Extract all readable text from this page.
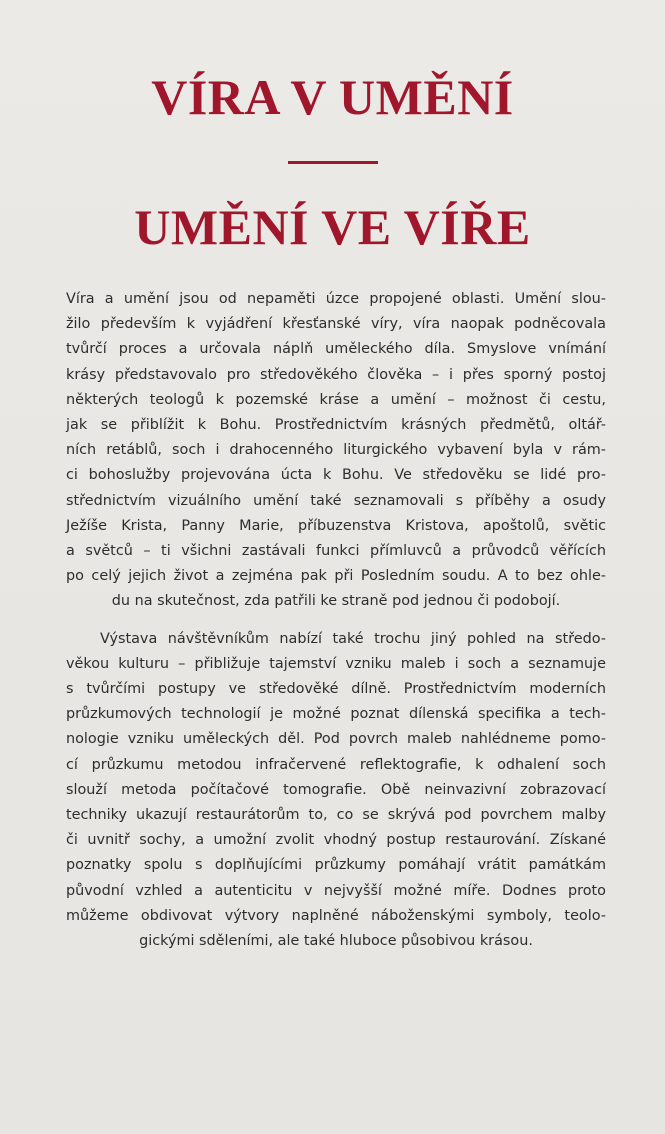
VÍRA V UMĚNÍ
UMĚNÍ VE VÍŘE
Víra a umění jsou od nepaměti úzce propojené oblasti. Umění slou-
žilo především k vyjádření křesťanské víry, víra naopak podněcovala
tvůrčí proces a určovala náplň uměleckého díla. Smyslove vnímání
krásy představovalo pro středověkého člověka – i přes sporný postoj
některých teologů k pozemské kráse a umění – možnost či cestu,
jak se přiblížit k Bohu. Prostřednictvím krásných předmětů, oltář-
ních retáblů, soch i drahocenného liturgického vybavení byla v rám-
ci bohoslužby projevována úcta k Bohu. Ve středověku se lidé pro-
střednictvím vizuálního umění také seznamovali s příběhy a osudy
Ježíše Krista, Panny Marie, příbuzenstva Kristova, apoštolů, světic
a světců – ti všichni zastávali funkci přímluvců a průvodců věřících
po celý jejich život a zejména pak při Posledním soudu. A to bez ohle-
du na skutečnost, zda patřili ke straně pod jednou či podobojí.
Výstava návštěvníkům nabízí také trochu jiný pohled na středo-
věkou kulturu – přibližuje tajemství vzniku maleb i soch a seznamuje
s tvůrčími postupy ve středověké dílně. Prostřednictvím moderních
průzkumových technologií je možné poznat dílenská specifika a tech-
nologie vzniku uměleckých děl. Pod povrch maleb nahlédneme pomo-
cí průzkumu metodou infračervené reflektografie, k odhalení soch
slouží metoda počítačové tomografie. Obě neinvazivní zobrazovací
techniky ukazují restaurátorům to, co se skrývá pod povrchem malby
či uvnitř sochy, a umožní zvolit vhodný postup restaurování. Získané
poznatky spolu s doplňujícími průzkumy pomáhají vrátit památkám
původní vzhled a autenticitu v nejvyšší možné míře. Dodnes proto
můžeme obdivovat výtvory naplněné náboženskými symboly, teolo-
gickými sděleními, ale také hluboce působivou krásou.
